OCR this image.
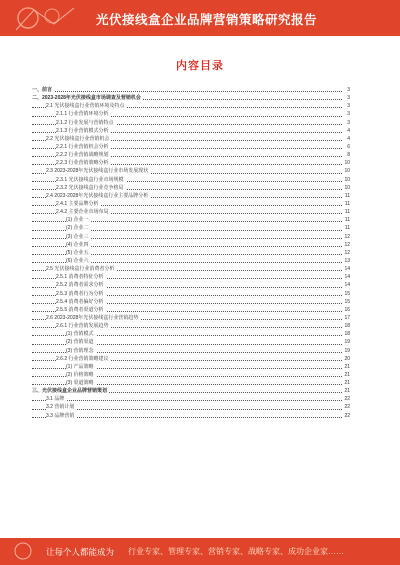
光伏接线盒企业品牌营销策略研究报告
内容目录
一、前言	3
二、2023-2028年光伏接线盒市场调查及营销机会	3
2.1 光伏接线盒行业营销环境及特点	3
2.1.1 行业营销环境分析	3
2.1.2 行业发展与营销特点	3
2.1.3 行业营销模式分析	4
2.2 光伏接线盒行业营销机会	4
2.2.1 行业营销机会分析	6
2.2.2 行业营销战略规划	8
2.2.3 行业营销策略分析	10
2.3 2023-2028年光伏接线盒行业市场发展现状	10
2.3.1 光伏接线盒行业市场规模	10
2.3.2 光伏接线盒行业竞争格局	10
2.4 2023-2028年光伏接线盒行业主要品牌分析	11
2.4.1 主要品牌分析	11
2.4.2 主要企业市场布局	11
(1) 企业一	11
(2) 企业二	11
(3) 企业三	12
(4) 企业四	12
(5) 企业五	12
(6) 企业六	13
2.5 光伏接线盒行业消费者分析	14
2.5.1 消费者特征分析	14
2.5.2 消费者需求分析	14
2.5.3 消费者行为分析	15
2.5.4 消费者偏好分析	15
2.5.5 消费者渠道分析	16
2.6 2023-2028年光伏接线盒行业营销趋势	17
2.6.1 行业营销发展趋势	18
(1) 营销模式	18
(2) 营销渠道	19
(3) 营销理念	19
2.6.2 行业营销策略建议	20
(1) 产品策略	21
(2) 价格策略	21
(3) 渠道策略	21
三、光伏接线盒企业品牌营销策划	21
3.1 品牌	22
3.2 营销计划	22
3.3 品牌营销	22
让每个人都能成为 行业专家、管理专家、营销专家、战略专家、成功企业家……
